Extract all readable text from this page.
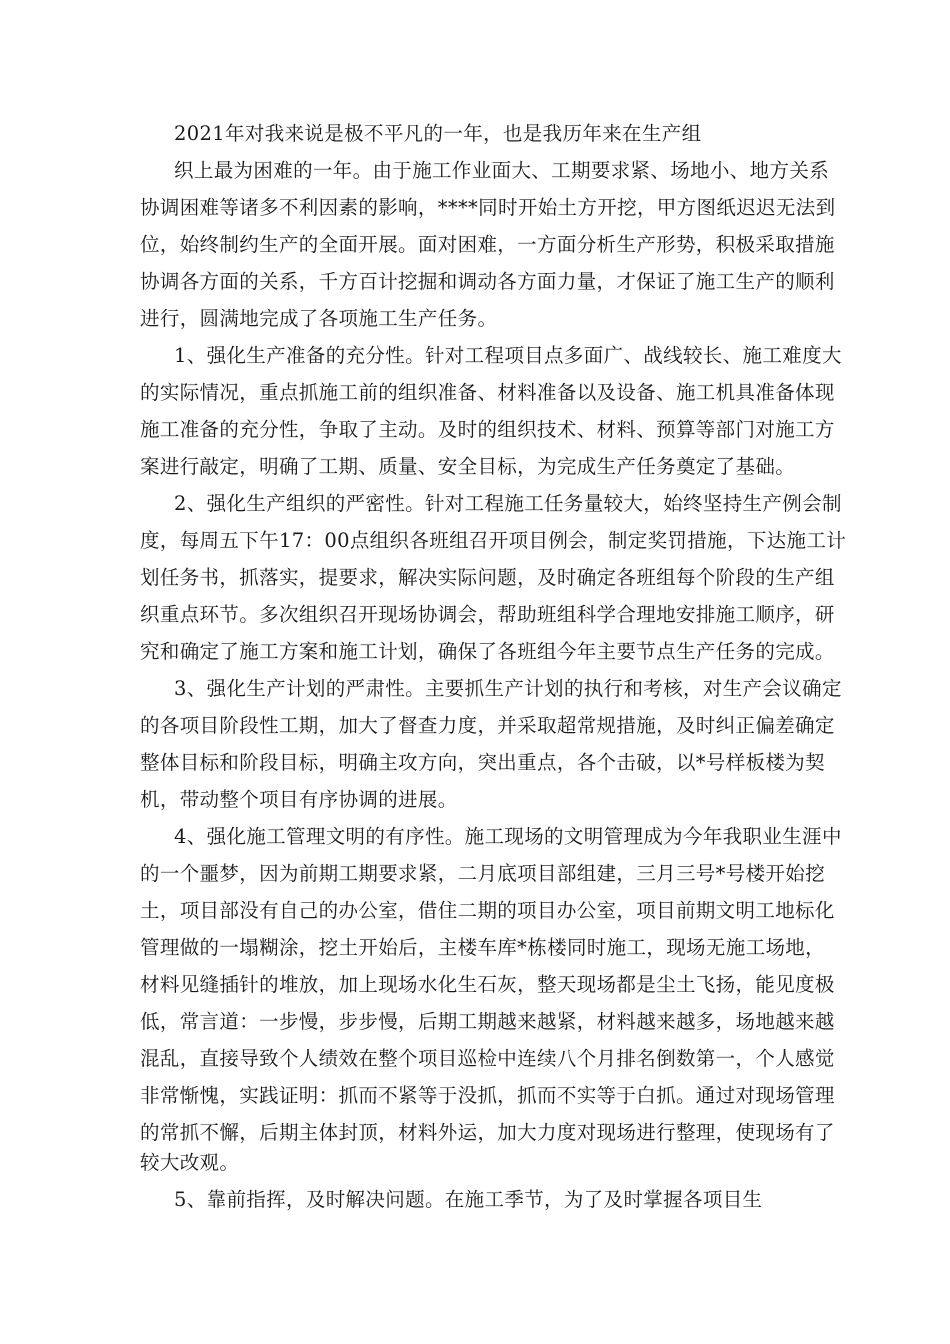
2021年对我来说是极不平凡的一年，也是我历年来在生产组

织上最为困难的一年。由于施工作业面大、工期要求紧、场地小、地方关系

协调困难等诸多不利因素的影响，****同时开始土方开挖，甲方图纸迟迟无法到

位，始终制约生产的全面开展。面对困难，一方面分析生产形势，积极采取措施

协调各方面的关系，千方百计挖掘和调动各方面力量，才保证了施工生产的顺利

进行，圆满地完成了各项施工生产任务。

1、强化生产准备的充分性。针对工程项目点多面广、战线较长、施工难度大

的实际情况，重点抓施工前的组织准备、材料准备以及设备、施工机具准备体现

施工准备的充分性，争取了主动。及时的组织技术、材料、预算等部门对施工方

案进行敲定，明确了工期、质量、安全目标，为完成生产任务奠定了基础。

2、强化生产组织的严密性。针对工程施工任务量较大，始终坚持生产例会制

度，每周五下午17：00点组织各班组召开项目例会，制定奖罚措施，下达施工计

划任务书，抓落实，提要求，解决实际问题，及时确定各班组每个阶段的生产组

织重点环节。多次组织召开现场协调会，帮助班组科学合理地安排施工顺序，研

究和确定了施工方案和施工计划，确保了各班组今年主要节点生产任务的完成。

3、强化生产计划的严肃性。主要抓生产计划的执行和考核，对生产会议确定

的各项目阶段性工期，加大了督查力度，并采取超常规措施，及时纠正偏差确定

整体目标和阶段目标，明确主攻方向，突出重点，各个击破，以*号样板楼为契

机，带动整个项目有序协调的进展。

4、强化施工管理文明的有序性。施工现场的文明管理成为今年我职业生涯中

的一个噩梦，因为前期工期要求紧，二月底项目部组建，三月三号*号楼开始挖

土，项目部没有自己的办公室，借住二期的项目办公室，项目前期文明工地标化

管理做的一塌糊涂，挖土开始后，主楼车库*栋楼同时施工，现场无施工场地，

材料见缝插针的堆放，加上现场水化生石灰，整天现场都是尘土飞扬，能见度极

低，常言道：一步慢，步步慢，后期工期越来越紧，材料越来越多，场地越来越

混乱，直接导致个人绩效在整个项目巡检中连续八个月排名倒数第一，个人感觉

非常惭愧，实践证明：抓而不紧等于没抓，抓而不实等于白抓。通过对现场管理

的常抓不懈，后期主体封顶，材料外运，加大力度对现场进行整理，使现场有了

较大改观。

5、靠前指挥，及时解决问题。在施工季节，为了及时掌握各项目生
